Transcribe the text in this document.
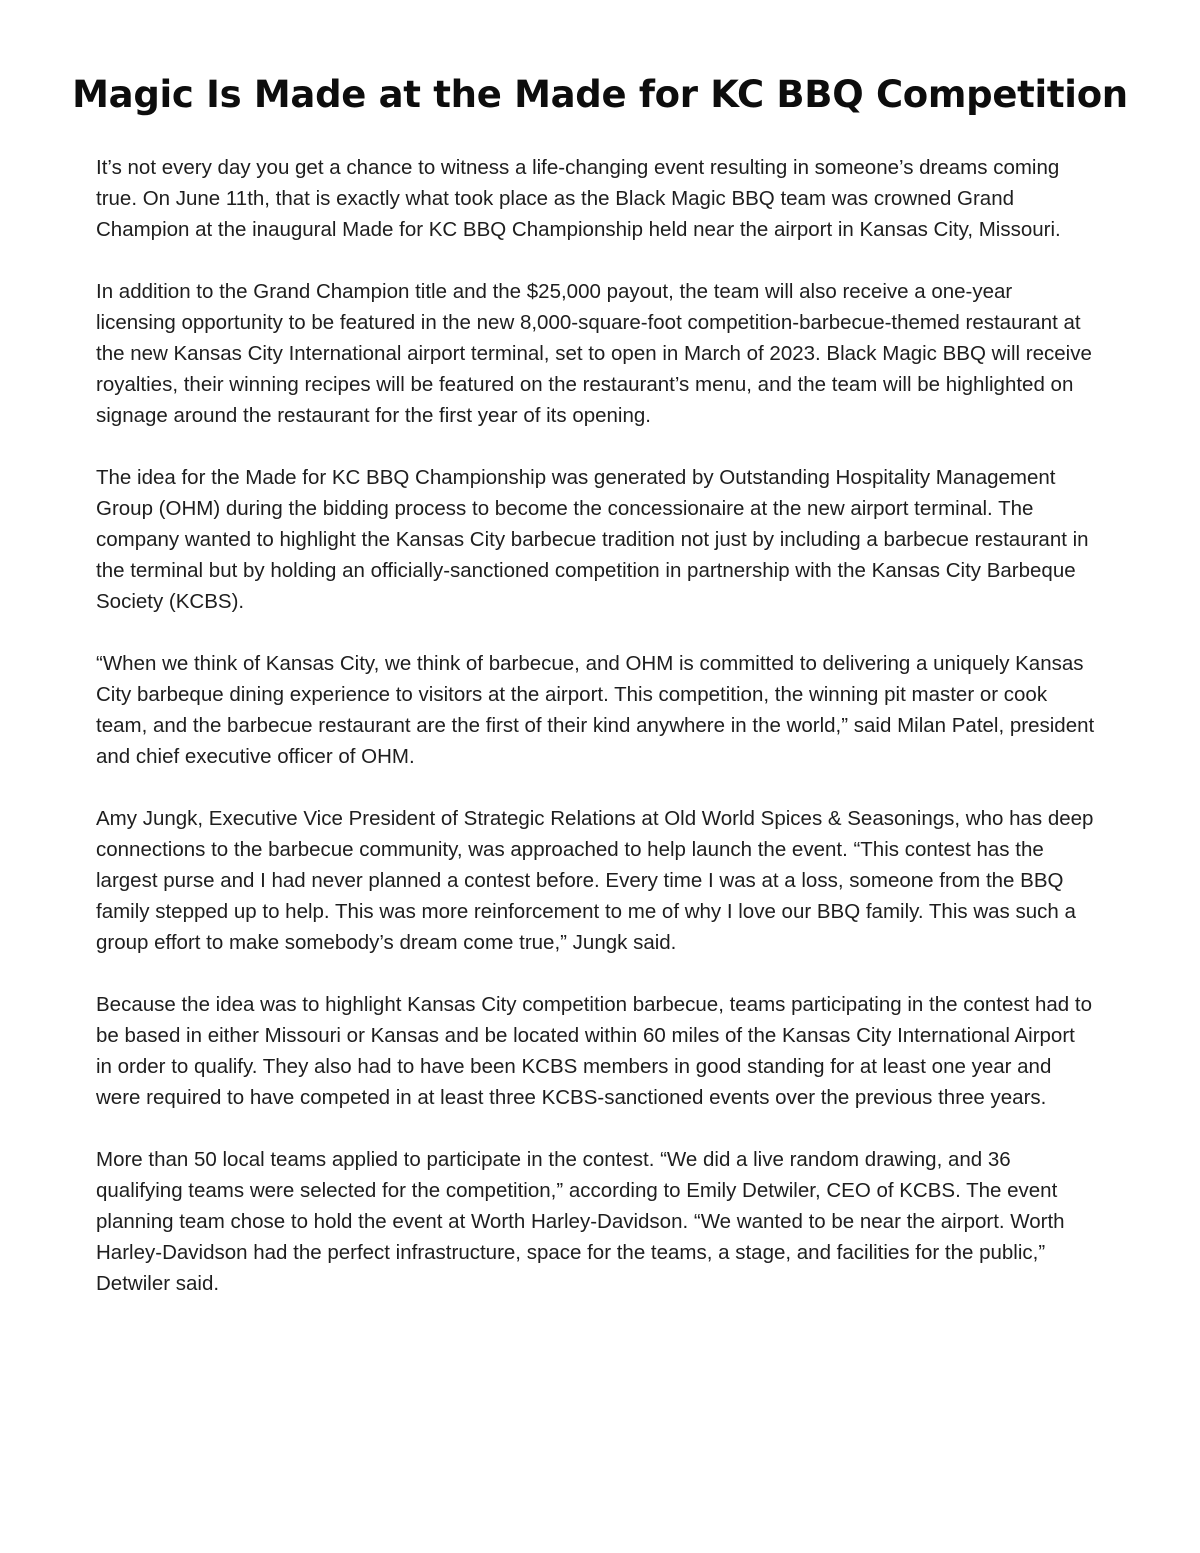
Magic Is Made at the Made for KC BBQ Competition

It’s not every day you get a chance to witness a life-changing event resulting in someone’s dreams coming true. On June 11th, that is exactly what took place as the Black Magic BBQ team was crowned Grand Champion at the inaugural Made for KC BBQ Championship held near the airport in Kansas City, Missouri.

In addition to the Grand Champion title and the $25,000 payout, the team will also receive a one-year licensing opportunity to be featured in the new 8,000-square-foot competition-barbecue-themed restaurant at the new Kansas City International airport terminal, set to open in March of 2023. Black Magic BBQ will receive royalties, their winning recipes will be featured on the restaurant’s menu, and the team will be highlighted on signage around the restaurant for the first year of its opening.

The idea for the Made for KC BBQ Championship was generated by Outstanding Hospitality Management Group (OHM) during the bidding process to become the concessionaire at the new airport terminal. The company wanted to highlight the Kansas City barbecue tradition not just by including a barbecue restaurant in the terminal but by holding an officially-sanctioned competition in partnership with the Kansas City Barbeque Society (KCBS).

“When we think of Kansas City, we think of barbecue, and OHM is committed to delivering a uniquely Kansas City barbeque dining experience to visitors at the airport. This competition, the winning pit master or cook team, and the barbecue restaurant are the first of their kind anywhere in the world,” said Milan Patel, president and chief executive officer of OHM.

Amy Jungk, Executive Vice President of Strategic Relations at Old World Spices & Seasonings, who has deep connections to the barbecue community, was approached to help launch the event. “This contest has the largest purse and I had never planned a contest before. Every time I was at a loss, someone from the BBQ family stepped up to help. This was more reinforcement to me of why I love our BBQ family. This was such a group effort to make somebody’s dream come true,” Jungk said.

Because the idea was to highlight Kansas City competition barbecue, teams participating in the contest had to be based in either Missouri or Kansas and be located within 60 miles of the Kansas City International Airport in order to qualify. They also had to have been KCBS members in good standing for at least one year and were required to have competed in at least three KCBS-sanctioned events over the previous three years.

More than 50 local teams applied to participate in the contest. “We did a live random drawing, and 36 qualifying teams were selected for the competition,” according to Emily Detwiler, CEO of KCBS. The event planning team chose to hold the event at Worth Harley-Davidson. “We wanted to be near the airport. Worth Harley-Davidson had the perfect infrastructure, space for the teams, a stage, and facilities for the public,” Detwiler said.
